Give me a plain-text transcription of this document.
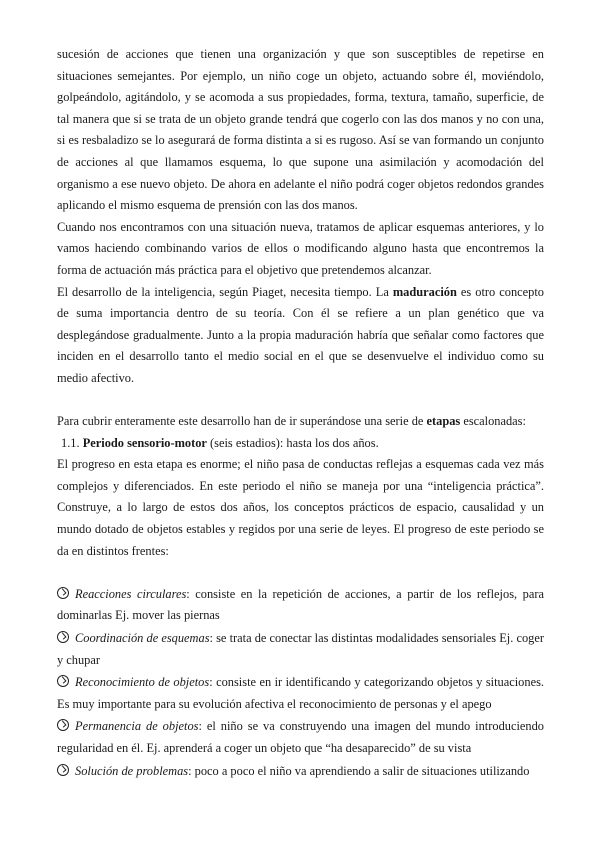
sucesión de acciones que tienen una organización y que son susceptibles de repetirse en situaciones semejantes. Por ejemplo, un niño coge un objeto, actuando sobre él, moviéndolo, golpeándolo, agitándolo, y se acomoda a sus propiedades, forma, textura, tamaño, superficie, de tal manera que si se trata de un objeto grande tendrá que cogerlo con las dos manos y no con una, si es resbaladizo se lo asegurará de forma distinta a si es rugoso. Así se van formando un conjunto de acciones al que llamamos esquema, lo que supone una asimilación y acomodación del organismo a ese nuevo objeto. De ahora en adelante el niño podrá coger objetos redondos grandes aplicando el mismo esquema de prensión con las dos manos.

Cuando nos encontramos con una situación nueva, tratamos de aplicar esquemas anteriores, y lo vamos haciendo combinando varios de ellos o modificando alguno hasta que encontremos la forma de actuación más práctica para el objetivo que pretendemos alcanzar.

El desarrollo de la inteligencia, según Piaget, necesita tiempo. La maduración es otro concepto de suma importancia dentro de su teoría. Con él se refiere a un plan genético que va desplegándose gradualmente. Junto a la propia maduración habría que señalar como factores que inciden en el desarrollo tanto el medio social en el que se desenvuelve el individuo como su medio afectivo.

Para cubrir enteramente este desarrollo han de ir superándose una serie de etapas escalonadas:

1.1. Periodo sensorio-motor (seis estadios): hasta los dos años.

El progreso en esta etapa es enorme; el niño pasa de conductas reflejas a esquemas cada vez más complejos y diferenciados. En este periodo el niño se maneja por una “inteligencia práctica”. Construye, a lo largo de estos dos años, los conceptos prácticos de espacio, causalidad y un mundo dotado de objetos estables y regidos por una serie de leyes. El progreso de este periodo se da en distintos frentes:

Reacciones circulares: consiste en la repetición de acciones, a partir de los reflejos, para dominarlas Ej. mover las piernas

Coordinación de esquemas: se trata de conectar las distintas modalidades sensoriales Ej. coger y chupar

Reconocimiento de objetos: consiste en ir identificando y categorizando objetos y situaciones. Es muy importante para su evolución afectiva el reconocimiento de personas y el apego

Permanencia de objetos: el niño se va construyendo una imagen del mundo introduciendo regularidad en él. Ej. aprenderá a coger un objeto que “ha desaparecido” de su vista

Solución de problemas: poco a poco el niño va aprendiendo a salir de situaciones utilizando
